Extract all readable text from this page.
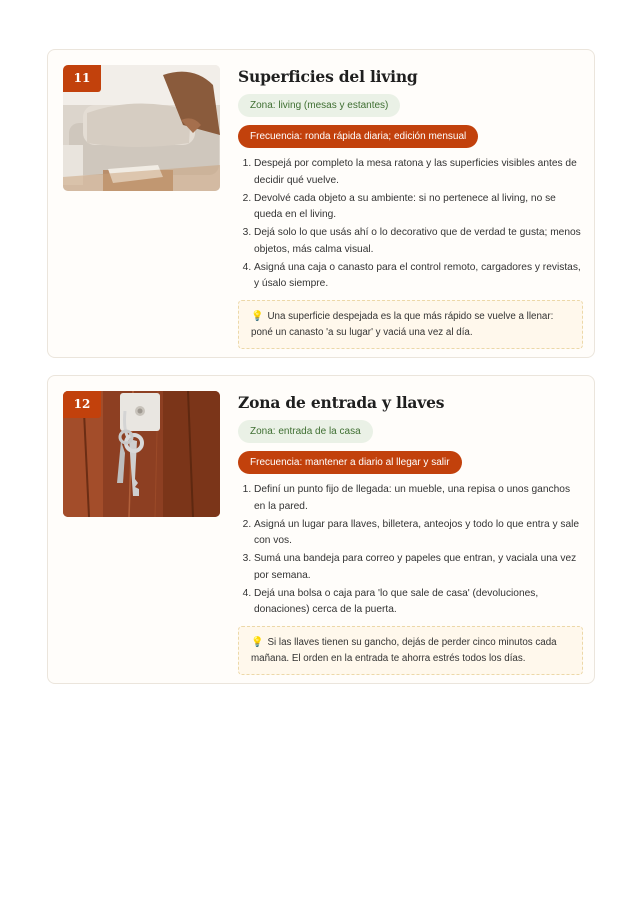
11	Superficies del living
Zona: living (mesas y estantes)
Frecuencia: ronda rápida diaria; edición mensual
1. Despejá por completo la mesa ratona y las superficies visibles antes de decidir qué vuelve.
2. Devolvé cada objeto a su ambiente: si no pertenece al living, no se queda en el living.
3. Dejá solo lo que usás ahí o lo decorativo que de verdad te gusta; menos objetos, más calma visual.
4. Asigná una caja o canasto para el control remoto, cargadores y revistas, y úsalo siempre.
💡 Una superficie despejada es la que más rápido se vuelve a llenar: poné un canasto 'a su lugar' y vaciá una vez al día.
12	Zona de entrada y llaves
Zona: entrada de la casa
Frecuencia: mantener a diario al llegar y salir
1. Definí un punto fijo de llegada: un mueble, una repisa o unos ganchos en la pared.
2. Asigná un lugar para llaves, billetera, anteojos y todo lo que entra y sale con vos.
3. Sumá una bandeja para correo y papeles que entran, y vaciala una vez por semana.
4. Dejá una bolsa o caja para 'lo que sale de casa' (devoluciones, donaciones) cerca de la puerta.
💡 Si las llaves tienen su gancho, dejás de perder cinco minutos cada mañana. El orden en la entrada te ahorra estrés todos los días.
